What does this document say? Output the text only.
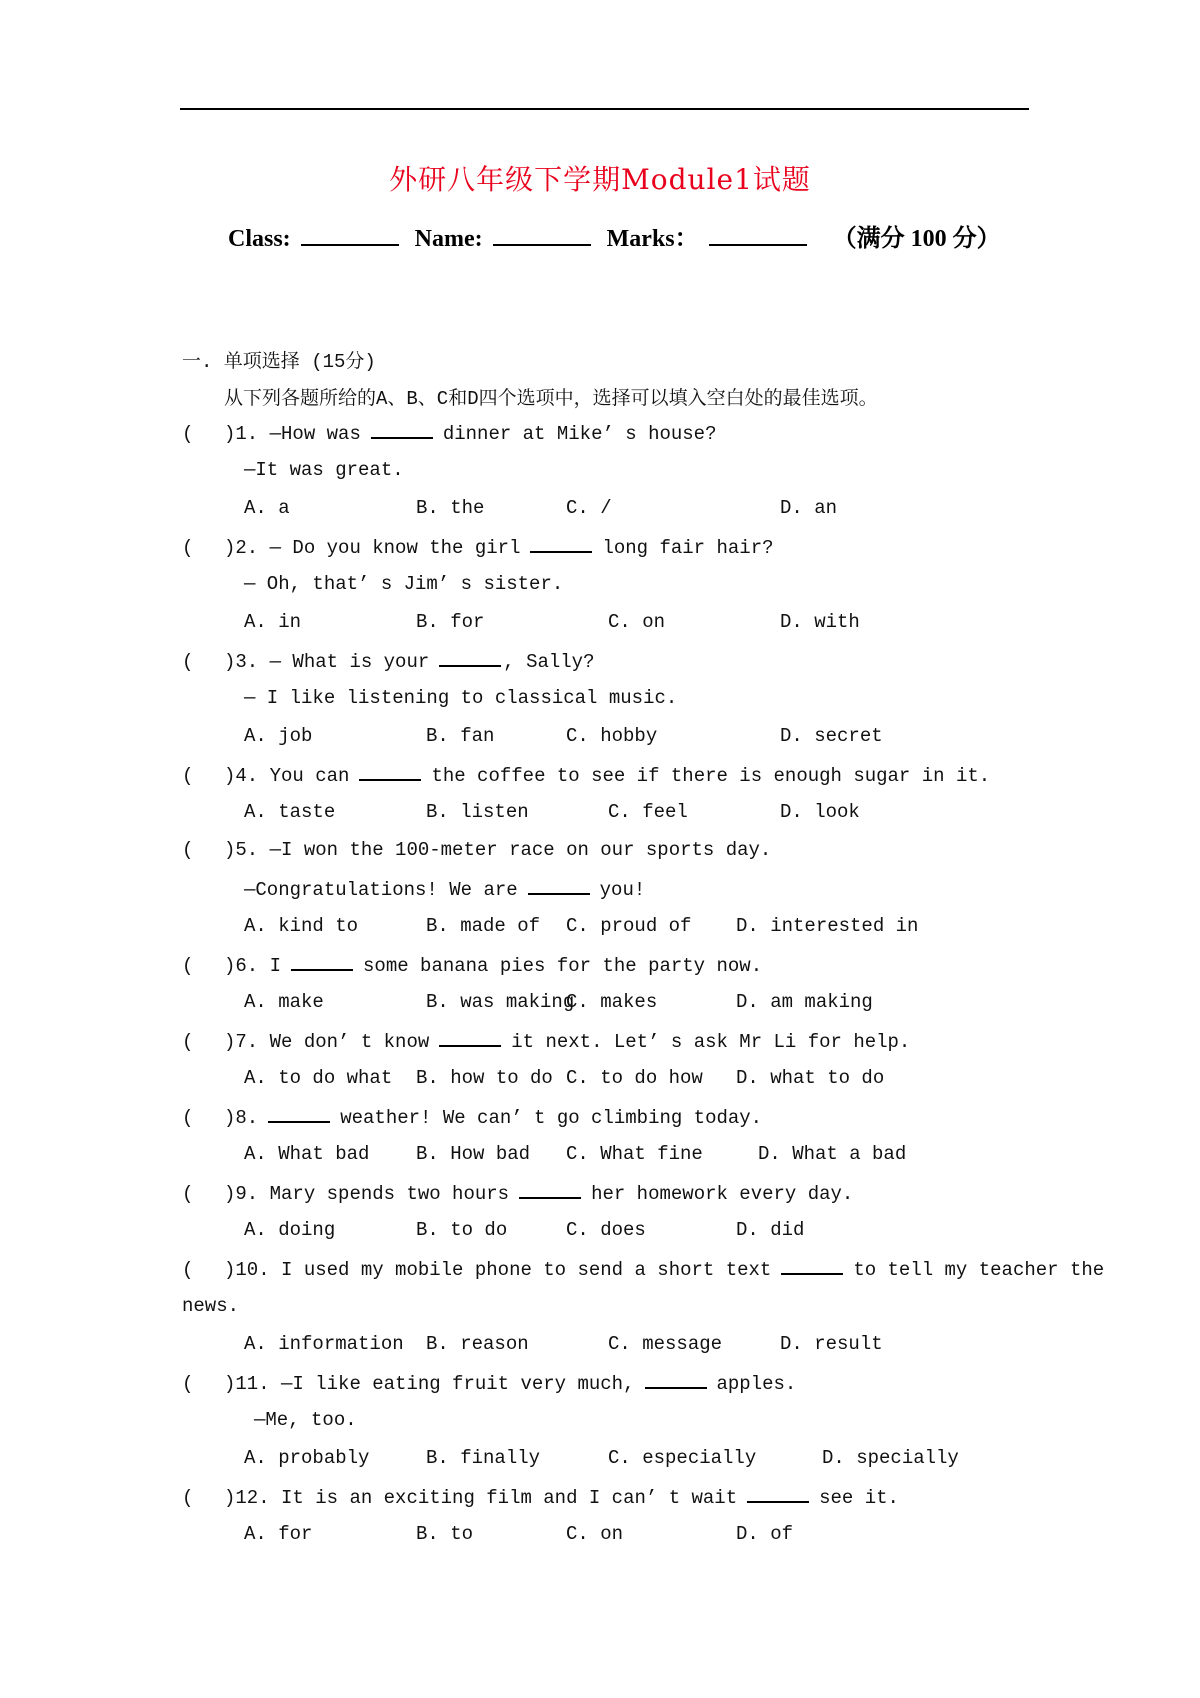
外研八年级下学期Module1试题
Class:	Name:	Marks：	（满分 100 分）
一. 单项选择 (15分)
从下列各题所给的A、B、C和D四个选项中，选择可以填入空白处的最佳选项。
( )1. —How was	dinner at Mike’ s house?
—It was great.
A. a	B. the	C. /	D. an
( )2. — Do you know the girl	long fair hair?
— Oh, that’ s Jim’ s sister.
A. in	B. for	C. on	D. with
( )3. — What is your	, Sally?
— I like listening to classical music.
A. job	B. fan	C. hobby	D. secret
( )4. You can	the coffee to see if there is enough sugar in it.
A. taste	B. listen	C. feel	D. look
( )5. —I won the 100-meter race on our sports day.
—Congratulations! We are	you!
A. kind to	B. made of C. proud of D. interested in
( )6. I	some banana pies for the party now.
A. make	B. was making
C. makes	D. am making
( )7. We don’ t know	it next. Let’ s ask Mr Li for help.
A. to do what B. how to do C. to do how D. what to do
( )8.	weather! We can’ t go climbing today.
A. What bad B. How bad C. What fine	D. What a bad
( )9. Mary spends two hours	her homework every day.
A. doing	B. to do	C. does	D. did
( )10. I used my mobile phone to send a short text	to tell my teacher the
news.
A. information B. reason	C. message	D. result
( )11. —I like eating fruit very much,	apples.
—Me, too.
A. probably	B. finally	C. especially	D. specially
( )12. It is an exciting film and I can’ t wait	see it.
A. for	B. to	C. on	D. of
